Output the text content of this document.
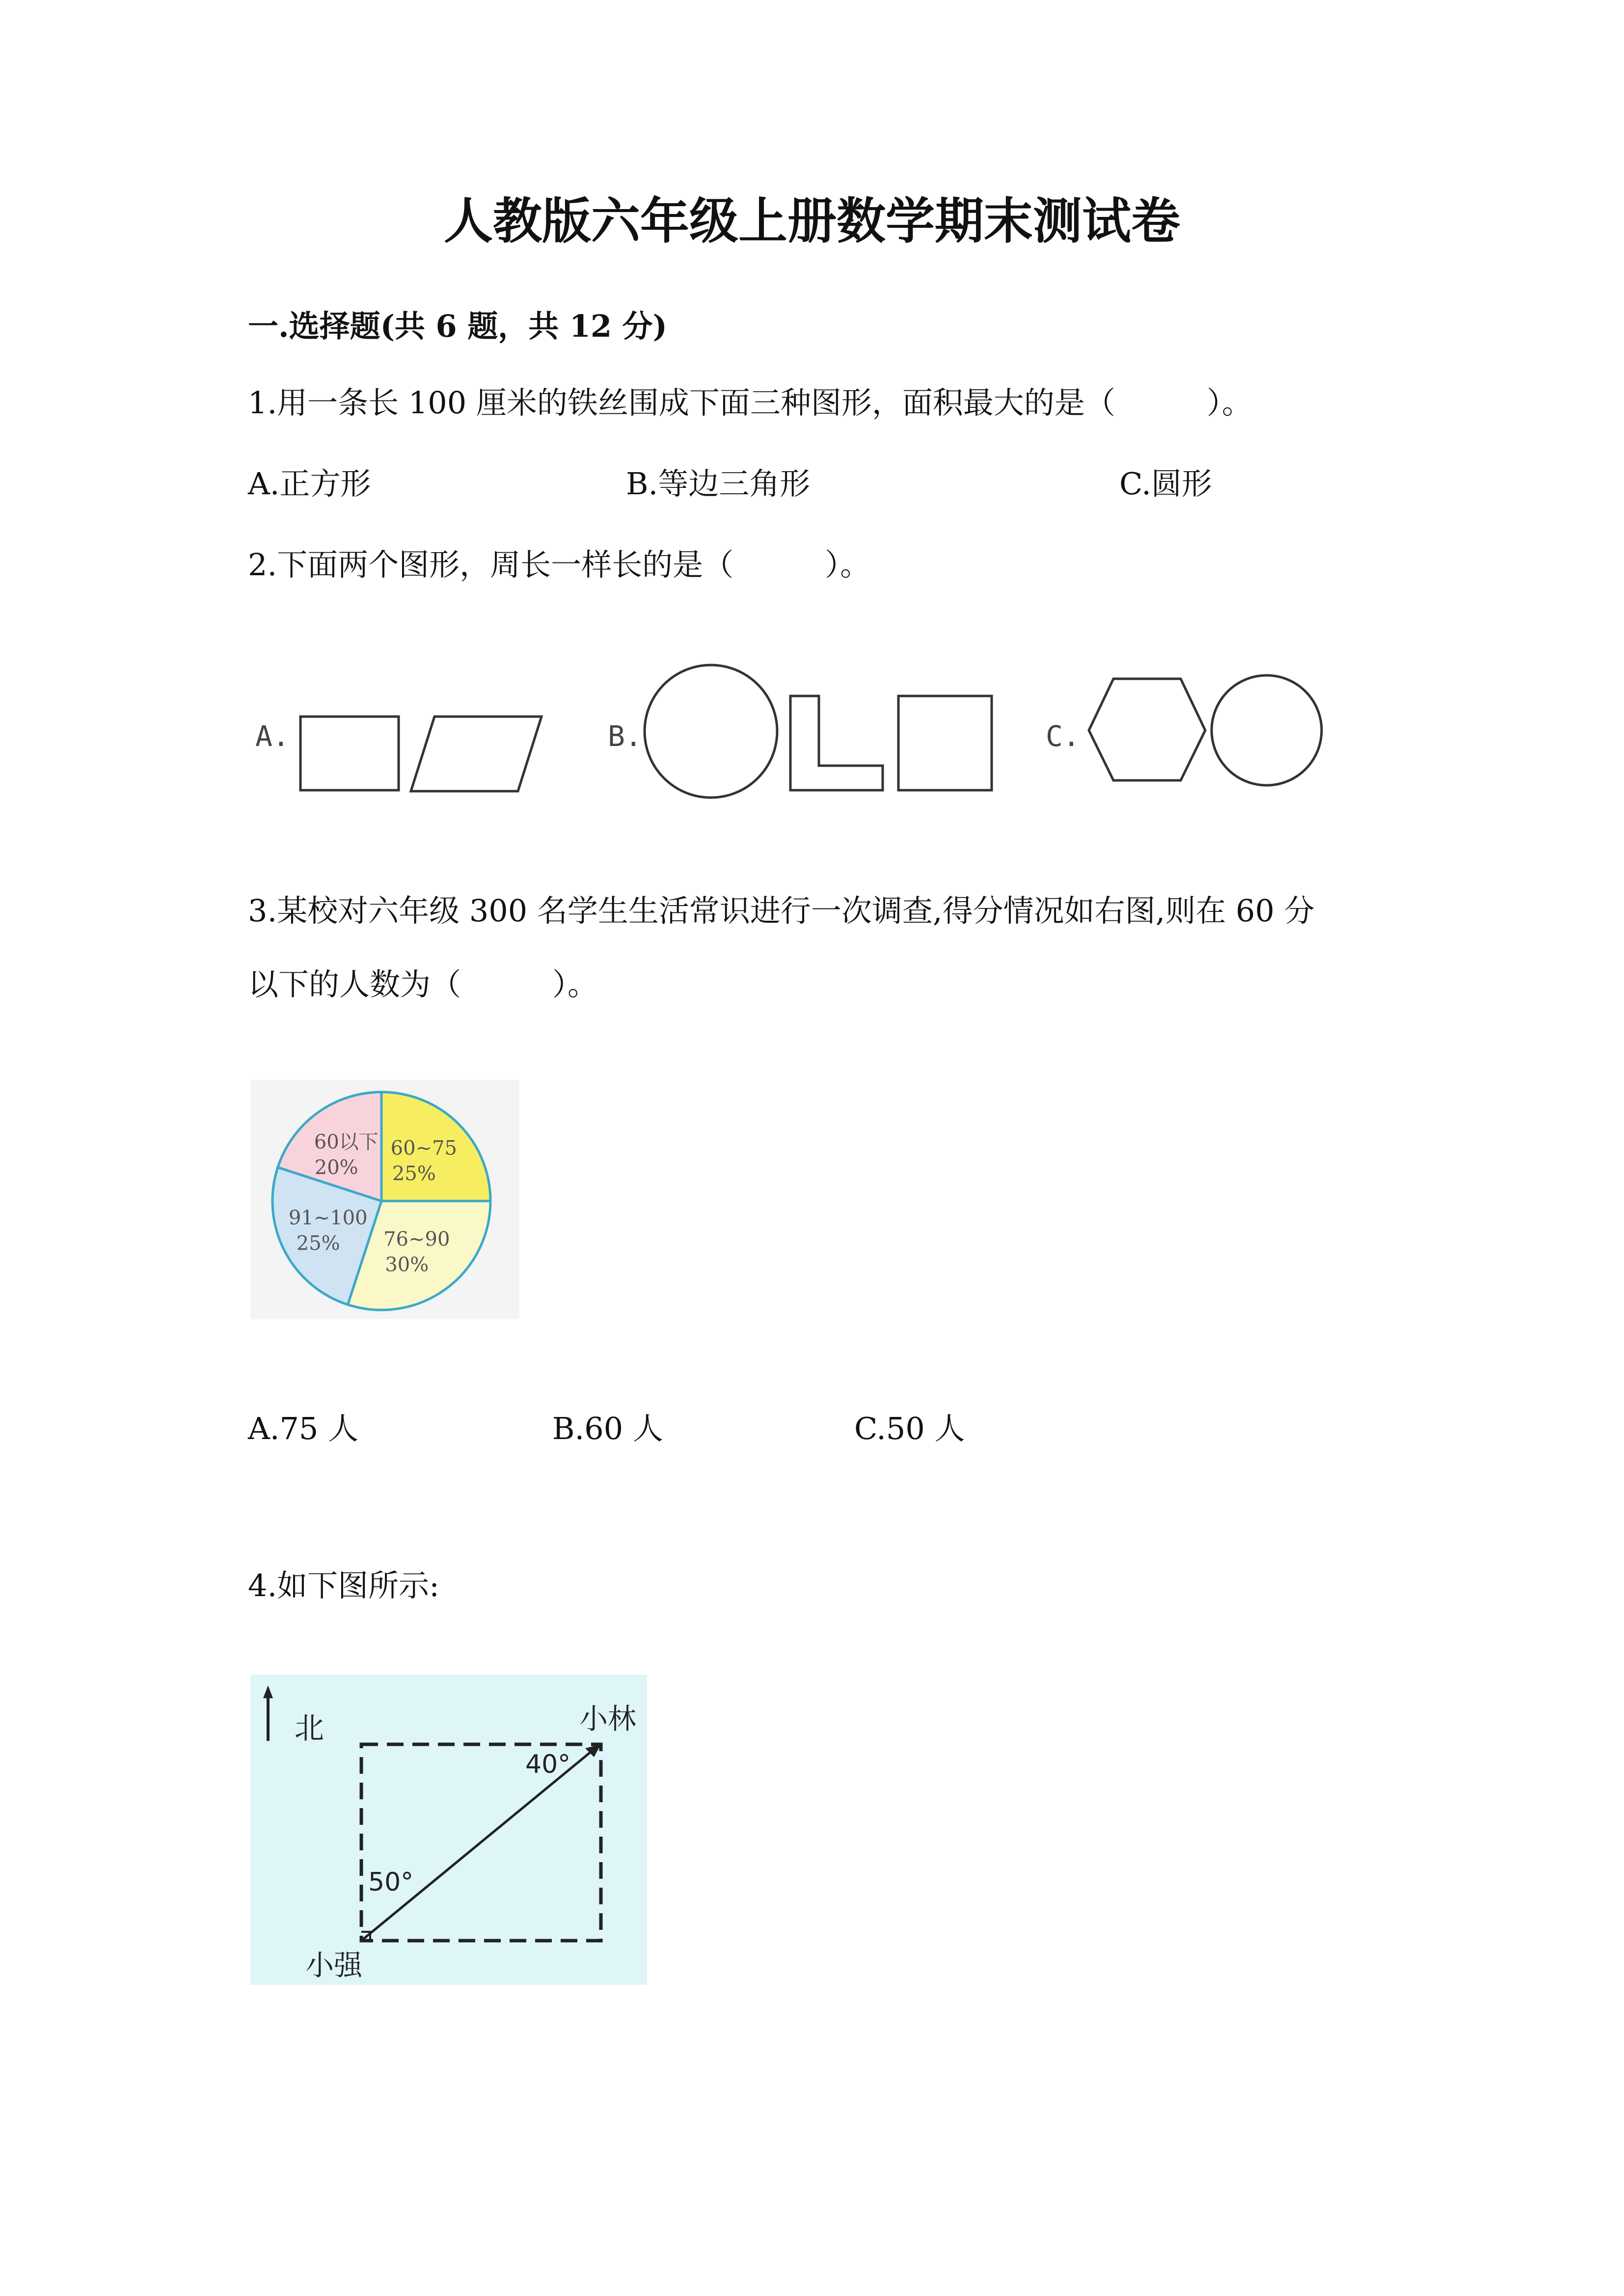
人教版六年级上册数学期末测试卷
一.选择题(共 6 题，共 12 分)
1.用一条长 100 厘米的铁丝围成下面三种图形，面积最大的是（　　　）。
A.正方形	B.等边三角形	C.圆形
2.下面两个图形，周长一样长的是（　　　）。
A.	B.	C.
3.某校对六年级 300 名学生生活常识进行一次调查,得分情况如右图,则在 60 分
以下的人数为（　　　）。
60~75
25%
76~90
30%
91~100
25%
60以下
20%
A.75 人	B.60 人	C.50 人
4.如下图所示:
北	小林
40°
50°
小强
